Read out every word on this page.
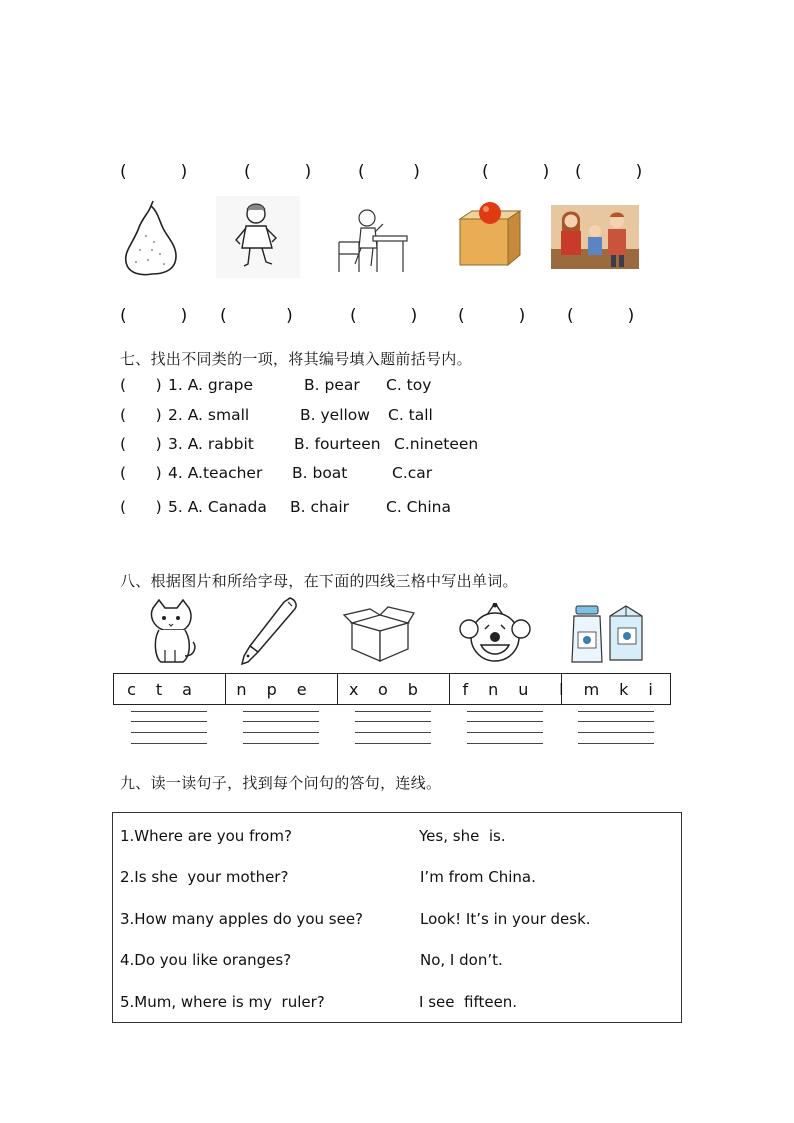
(          )	(          )	(         )	(          ) (          )
(          ) (           )	(          ) (          ) (          )
七、找出不同类的一项，将其编号填入题前括号内。
(      ) 1. A. grape	B. pear C. toy
(      ) 2. A. small	B. yellow C. tall
(      ) 3. A. rabbit	B. fourteen C.nineteen
(      ) 4. A.teacher B. boat	C.car
(      ) 5. A. Canada B. chair C. China
八、根据图片和所给字母，在下面的四线三格中写出单词。
cta	npe	xob	fnu lmki
九、读一读句子，找到每个问句的答句，连线。
1.Where are you from?	Yes, she  is.
2.Is she  your mother?	I’m from China.
3.How many apples do you see?	Look! It’s in your desk.
4.Do you like oranges?	No, I don’t.
5.Mum, where is my  ruler?	I see  fifteen.
